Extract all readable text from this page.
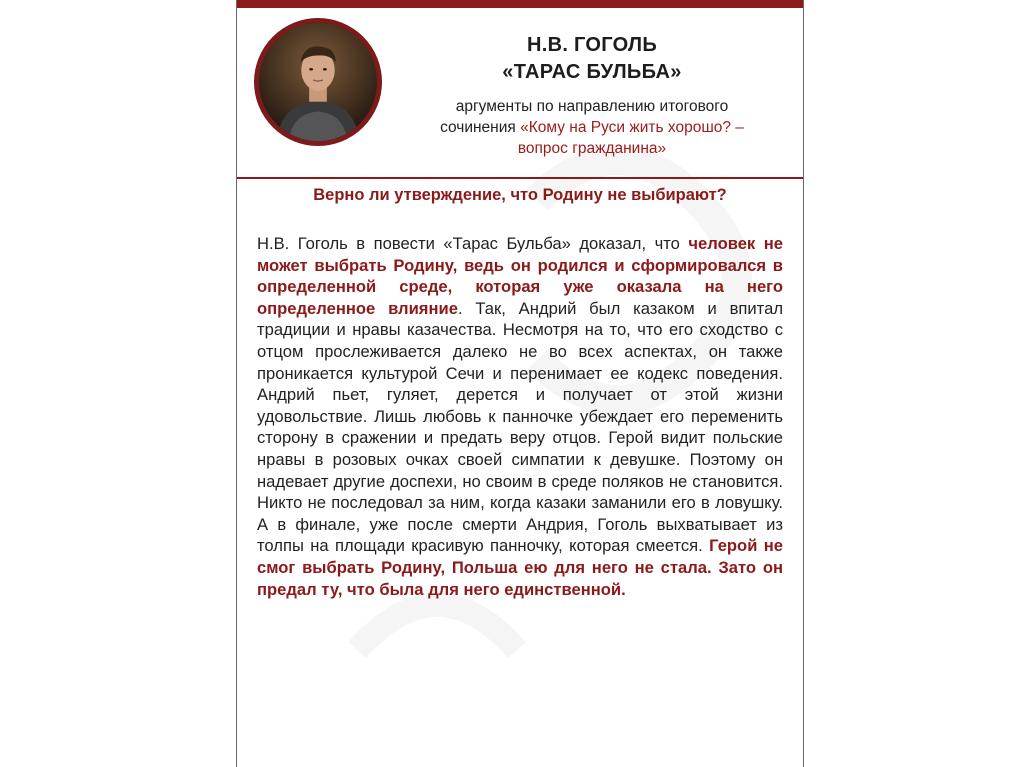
Н.В. ГОГОЛЬ
«ТАРАС БУЛЬБА»
аргументы по направлению итогового сочинения «Кому на Руси жить хорошо? – вопрос гражданина»
Верно ли утверждение, что Родину не выбирают?
Н.В. Гоголь в повести «Тарас Бульба» доказал, что человек не может выбрать Родину, ведь он родился и сформировался в определенной среде, которая уже оказала на него определенное влияние. Так, Андрий был казаком и впитал традиции и нравы казачества. Несмотря на то, что его сходство с отцом прослеживается далеко не во всех аспектах, он также проникается культурой Сечи и перенимает ее кодекс поведения. Андрий пьет, гуляет, дерется и получает от этой жизни удовольствие. Лишь любовь к панночке убеждает его переменить сторону в сражении и предать веру отцов. Герой видит польские нравы в розовых очках своей симпатии к девушке. Поэтому он надевает другие доспехи, но своим в среде поляков не становится. Никто не последовал за ним, когда казаки заманили его в ловушку. А в финале, уже после смерти Андрия, Гоголь выхватывает из толпы на площади красивую панночку, которая смеется. Герой не смог выбрать Родину, Польша ею для него не стала. Зато он предал ту, что была для него единственной.
